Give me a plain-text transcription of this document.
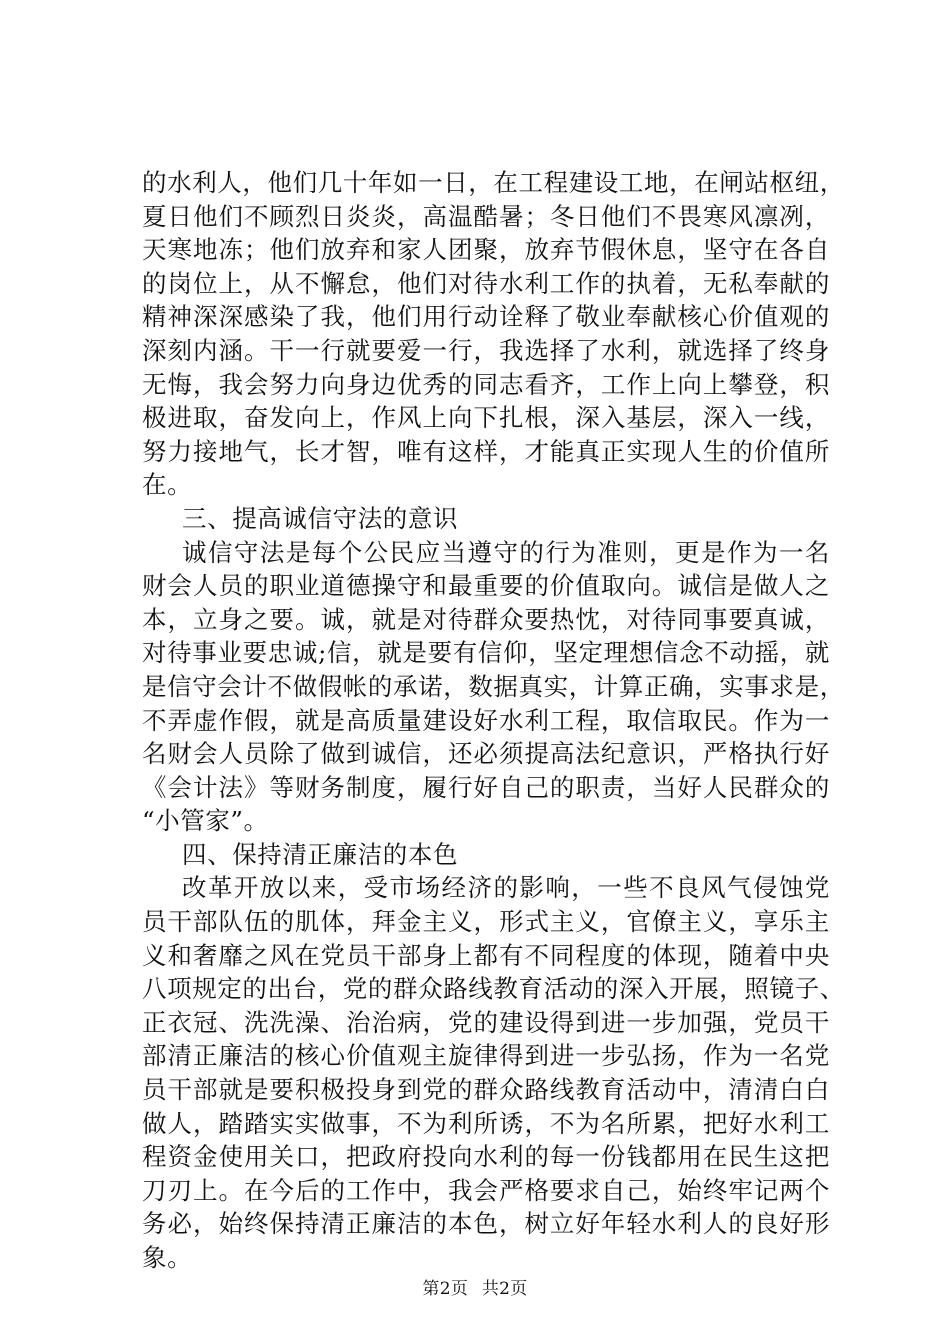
的水利人，他们几十年如一日，在工程建设工地，在闸站枢纽，
夏日他们不顾烈日炎炎，高温酷暑；冬日他们不畏寒风凛冽，
天寒地冻；他们放弃和家人团聚，放弃节假休息，坚守在各自
的岗位上，从不懈怠，他们对待水利工作的执着，无私奉献的
精神深深感染了我，他们用行动诠释了敬业奉献核心价值观的
深刻内涵。干一行就要爱一行，我选择了水利，就选择了终身
无悔，我会努力向身边优秀的同志看齐，工作上向上攀登，积
极进取，奋发向上，作风上向下扎根，深入基层，深入一线，
努力接地气，长才智，唯有这样，才能真正实现人生的价值所
在。
三、提高诚信守法的意识
诚信守法是每个公民应当遵守的行为准则，更是作为一名
财会人员的职业道德操守和最重要的价值取向。诚信是做人之
本，立身之要。诚，就是对待群众要热忱，对待同事要真诚，
对待事业要忠诚;信，就是要有信仰，坚定理想信念不动摇，就
是信守会计不做假帐的承诺，数据真实，计算正确，实事求是，
不弄虚作假，就是高质量建设好水利工程，取信取民。作为一
名财会人员除了做到诚信，还必须提高法纪意识，严格执行好
《会计法》等财务制度，履行好自己的职责，当好人民群众的
“小管家”。
四、保持清正廉洁的本色
改革开放以来，受市场经济的影响，一些不良风气侵蚀党
员干部队伍的肌体，拜金主义，形式主义，官僚主义，享乐主
义和奢靡之风在党员干部身上都有不同程度的体现，随着中央
八项规定的出台，党的群众路线教育活动的深入开展，照镜子、
正衣冠、洗洗澡、治治病，党的建设得到进一步加强，党员干
部清正廉洁的核心价值观主旋律得到进一步弘扬，作为一名党
员干部就是要积极投身到党的群众路线教育活动中，清清白白
做人，踏踏实实做事，不为利所诱，不为名所累，把好水利工
程资金使用关口，把政府投向水利的每一份钱都用在民生这把
刀刃上。在今后的工作中，我会严格要求自己，始终牢记两个
务必，始终保持清正廉洁的本色，树立好年轻水利人的良好形
象。
第2页 共2页
